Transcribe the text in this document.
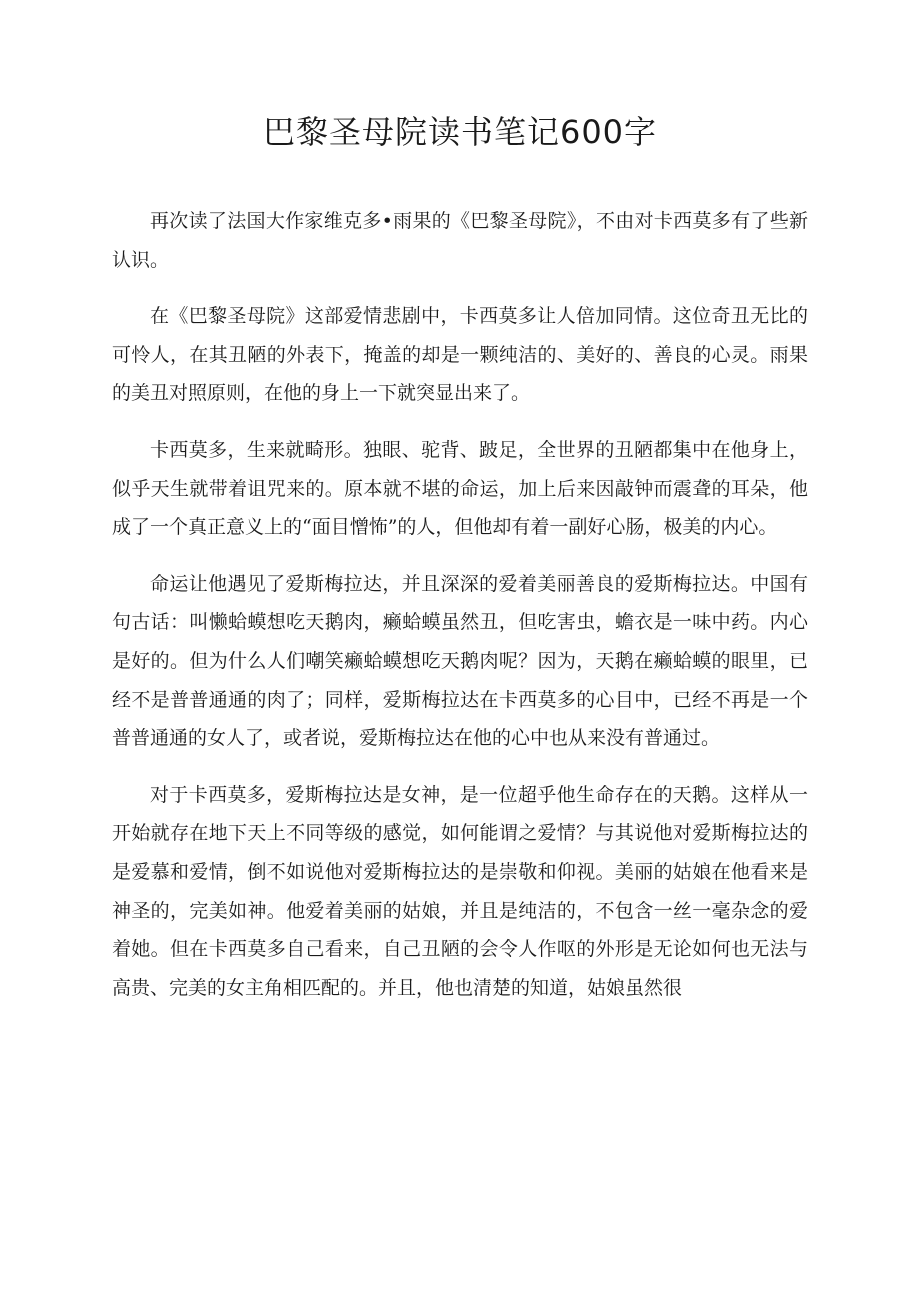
巴黎圣母院读书笔记600字

再次读了法国大作家维克多•雨果的《巴黎圣母院》，不由对卡西莫多有了些新认识。

在《巴黎圣母院》这部爱情悲剧中，卡西莫多让人倍加同情。这位奇丑无比的可怜人，在其丑陋的外表下，掩盖的却是一颗纯洁的、美好的、善良的心灵。雨果的美丑对照原则，在他的身上一下就突显出来了。

卡西莫多，生来就畸形。独眼、驼背、跛足，全世界的丑陋都集中在他身上，似乎天生就带着诅咒来的。原本就不堪的命运，加上后来因敲钟而震聋的耳朵，他成了一个真正意义上的“面目憎怖”的人，但他却有着一副好心肠，极美的内心。

命运让他遇见了爱斯梅拉达，并且深深的爱着美丽善良的爱斯梅拉达。中国有句古话：叫懒蛤蟆想吃天鹅肉，癞蛤蟆虽然丑，但吃害虫，蟾衣是一味中药。内心是好的。但为什么人们嘲笑癞蛤蟆想吃天鹅肉呢？因为，天鹅在癞蛤蟆的眼里，已经不是普普通通的肉了；同样，爱斯梅拉达在卡西莫多的心目中，已经不再是一个普普通通的女人了，或者说，爱斯梅拉达在他的心中也从来没有普通过。

对于卡西莫多，爱斯梅拉达是女神，是一位超乎他生命存在的天鹅。这样从一开始就存在地下天上不同等级的感觉，如何能谓之爱情？与其说他对爱斯梅拉达的是爱慕和爱情，倒不如说他对爱斯梅拉达的是崇敬和仰视。美丽的姑娘在他看来是神圣的，完美如神。他爱着美丽的姑娘，并且是纯洁的，不包含一丝一毫杂念的爱着她。但在卡西莫多自己看来，自己丑陋的会令人作呕的外形是无论如何也无法与高贵、完美的女主角相匹配的。并且，他也清楚的知道，姑娘虽然很
